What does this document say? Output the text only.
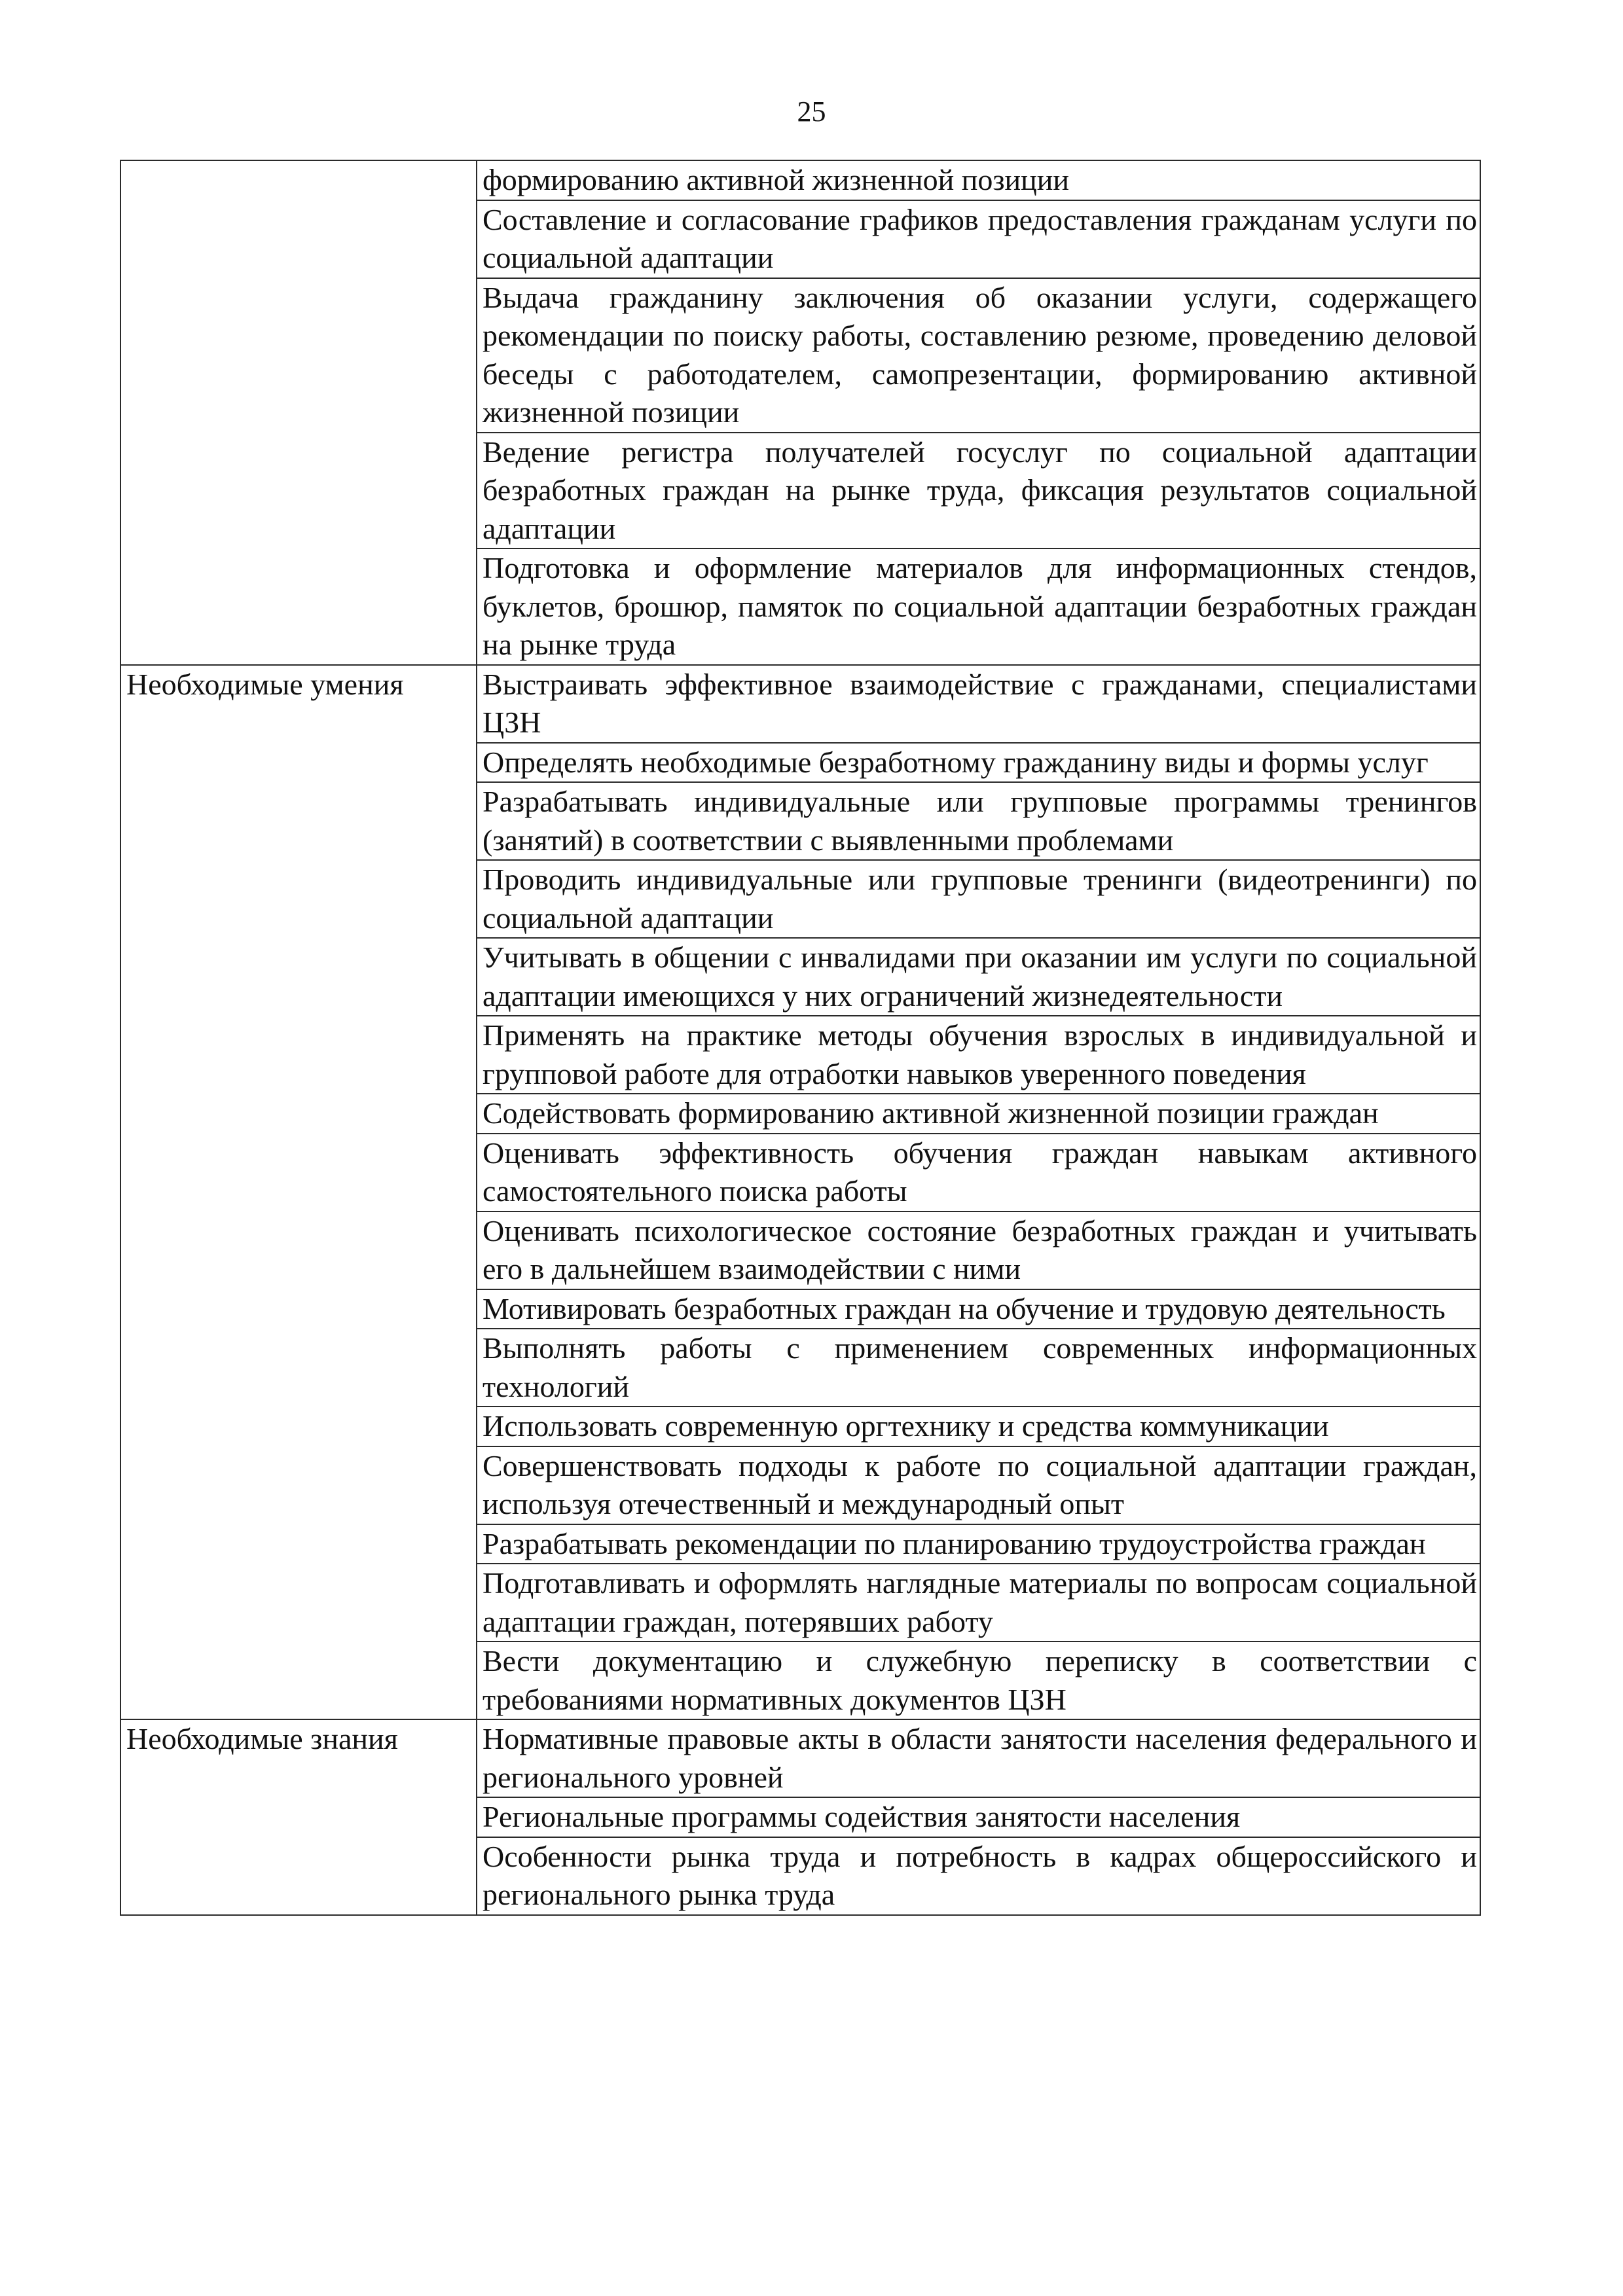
25
	формированию активной жизненной позиции
	Составление и согласование графиков предоставления гражданам услуги по социальной адаптации
	Выдача гражданину заключения об оказании услуги, содержащего рекомендации по поиску работы, составлению резюме, проведению деловой беседы с работодателем, самопрезентации, формированию активной жизненной позиции
	Ведение регистра получателей госуслуг по социальной адаптации безработных граждан на рынке труда, фиксация результатов социальной адаптации
	Подготовка и оформление материалов для информационных стендов, буклетов, брошюр, памяток по социальной адаптации безработных граждан на рынке труда
Необходимые умения	Выстраивать эффективное взаимодействие с гражданами, специалистами ЦЗН
	Определять необходимые безработному гражданину виды и формы услуг
	Разрабатывать индивидуальные или групповые программы тренингов (занятий) в соответствии с выявленными проблемами
	Проводить индивидуальные или групповые тренинги (видеотренинги) по социальной адаптации
	Учитывать в общении с инвалидами при оказании им услуги по социальной адаптации имеющихся у них ограничений жизнедеятельности
	Применять на практике методы обучения взрослых в индивидуальной и групповой работе для отработки навыков уверенного поведения
	Содействовать формированию активной жизненной позиции граждан
	Оценивать эффективность обучения граждан навыкам активного самостоятельного поиска работы
	Оценивать психологическое состояние безработных граждан и учитывать его в дальнейшем взаимодействии с ними
	Мотивировать безработных граждан на обучение и трудовую деятельность
	Выполнять работы с применением современных информационных технологий
	Использовать современную оргтехнику и средства коммуникации
	Совершенствовать подходы к работе по социальной адаптации граждан, используя отечественный и международный опыт
	Разрабатывать рекомендации по планированию трудоустройства граждан
	Подготавливать и оформлять наглядные материалы по вопросам социальной адаптации граждан, потерявших работу
	Вести документацию и служебную переписку в соответствии с требованиями нормативных документов ЦЗН
Необходимые знания	Нормативные правовые акты в области занятости населения федерального и регионального уровней
	Региональные программы содействия занятости населения
	Особенности рынка труда и потребность в кадрах общероссийского и регионального рынка труда
